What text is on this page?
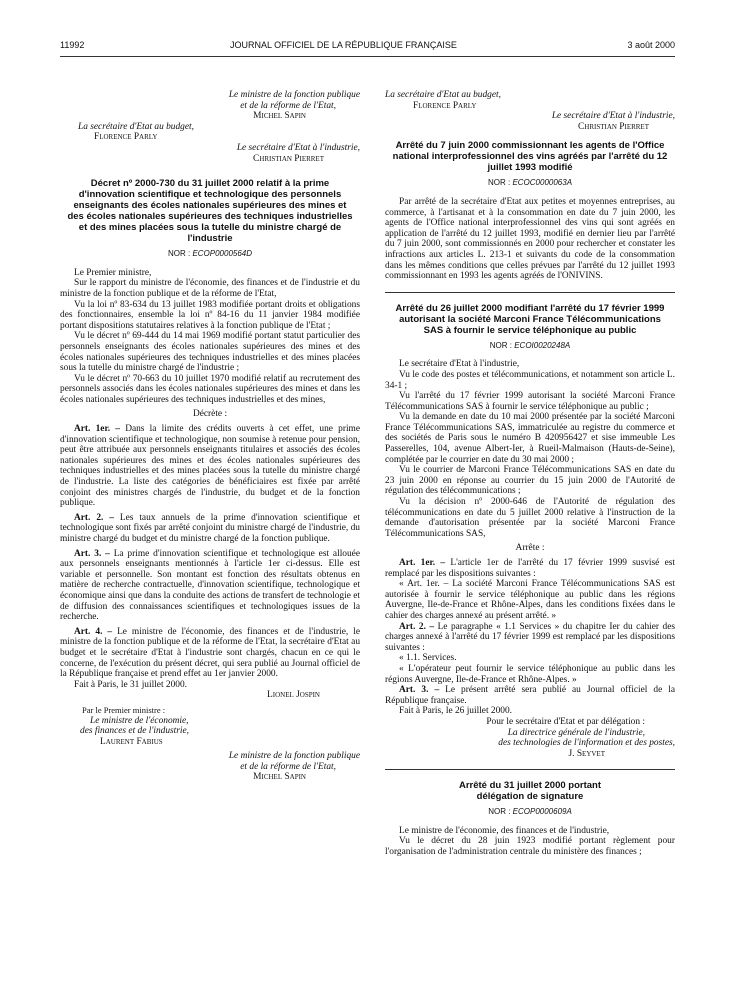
11992	JOURNAL OFFICIEL DE LA RÉPUBLIQUE FRANÇAISE	3 août 2000

Le ministre de la fonction publique

et de la réforme de l'Etat,

Michel Sapin

La secrétaire d'Etat au budget,

Florence Parly

Le secrétaire d'Etat à l'industrie,

Christian Pierret

Décret nº 2000-730 du 31 juillet 2000 relatif à la prime d'innovation scientifique et technologique des personnels enseignants des écoles nationales supérieures des mines et des écoles nationales supérieures des techniques industrielles et des mines placées sous la tutelle du ministre chargé de l'industrie
NOR : ECOP0000564D

Le Premier ministre,

Sur le rapport du ministre de l'économie, des finances et de l'industrie et du ministre de la fonction publique et de la réforme de l'Etat,

Vu la loi nº 83-634 du 13 juillet 1983 modifiée portant droits et obligations des fonctionnaires, ensemble la loi nº 84-16 du 11 janvier 1984 modifiée portant dispositions statutaires relatives à la fonction publique de l'Etat ;

Vu le décret nº 69-444 du 14 mai 1969 modifié portant statut particulier des personnels enseignants des écoles nationales supérieures des mines et des écoles nationales supérieures des techniques industrielles et des mines placées sous la tutelle du ministre chargé de l'industrie ;

Vu le décret nº 70-663 du 10 juillet 1970 modifié relatif au recrutement des personnels associés dans les écoles nationales supérieures des mines et dans les écoles nationales supérieures des techniques industrielles et des mines,

Décrète :

Art. 1er. – Dans la limite des crédits ouverts à cet effet, une prime d'innovation scientifique et technologique, non soumise à retenue pour pension, peut être attribuée aux personnels enseignants titulaires et associés des écoles nationales supérieures des mines et des écoles nationales supérieures des techniques industrielles et des mines placées sous la tutelle du ministre chargé de l'industrie. La liste des catégories de bénéficiaires est fixée par arrêté conjoint des ministres chargés de l'industrie, du budget et de la fonction publique.

Art. 2. – Les taux annuels de la prime d'innovation scientifique et technologique sont fixés par arrêté conjoint du ministre chargé de l'industrie, du ministre chargé du budget et du ministre chargé de la fonction publique.

Art. 3. – La prime d'innovation scientifique et technologique est allouée aux personnels enseignants mentionnés à l'article 1er ci-dessus. Elle est variable et personnelle. Son montant est fonction des résultats obtenus en matière de recherche contractuelle, d'innovation scientifique, technologique et économique ainsi que dans la conduite des actions de transfert de technologie et de diffusion des connaissances scientifiques et technologiques issues de la recherche.

Art. 4. – Le ministre de l'économie, des finances et de l'industrie, le ministre de la fonction publique et de la réforme de l'Etat, la secrétaire d'Etat au budget et le secrétaire d'Etat à l'industrie sont chargés, chacun en ce qui le concerne, de l'exécution du présent décret, qui sera publié au Journal officiel de la République française et prend effet au 1er janvier 2000.

Fait à Paris, le 31 juillet 2000.

Lionel Jospin

Par le Premier ministre :

Le ministre de l'économie,

des finances et de l'industrie,

Laurent Fabius

Le ministre de la fonction publique

et de la réforme de l'Etat,

Michel Sapin

La secrétaire d'Etat au budget,

Florence Parly

Le secrétaire d'Etat à l'industrie,

Christian Pierret

Arrêté du 7 juin 2000 commissionnant les agents de l'Office national interprofessionnel des vins agréés par l'arrêté du 12 juillet 1993 modifié
NOR : ECOC0000063A

Par arrêté de la secrétaire d'Etat aux petites et moyennes entreprises, au commerce, à l'artisanat et à la consommation en date du 7 juin 2000, les agents de l'Office national interprofessionnel des vins qui sont agréés en application de l'arrêté du 12 juillet 1993, modifié en dernier lieu par l'arrêté du 7 juin 2000, sont commissionnés en 2000 pour rechercher et constater les infractions aux articles L. 213-1 et suivants du code de la consommation dans les mêmes conditions que celles prévues par l'arrêté du 12 juillet 1993 commissionnant en 1993 les agents agréés de l'ONIVINS.

Arrêté du 26 juillet 2000 modifiant l'arrêté du 17 février 1999 autorisant la société Marconi France Télécommunications SAS à fournir le service téléphonique au public
NOR : ECOI0020248A

Le secrétaire d'Etat à l'industrie,

Vu le code des postes et télécommunications, et notamment son article L. 34-1 ;

Vu l'arrêté du 17 février 1999 autorisant la société Marconi France Télécommunications SAS à fournir le service téléphonique au public ;

Vu la demande en date du 10 mai 2000 présentée par la société Marconi France Télécommunications SAS, immatriculée au registre du commerce et des sociétés de Paris sous le numéro B 420956427 et sise immeuble Les Passerelles, 104, avenue Albert-Ier, à Rueil-Malmaison (Hauts-de-Seine), complétée par le courrier en date du 30 mai 2000 ;

Vu le courrier de Marconi France Télécommunications SAS en date du 23 juin 2000 en réponse au courrier du 15 juin 2000 de l'Autorité de régulation des télécommunications ;

Vu la décision nº 2000-646 de l'Autorité de régulation des télécommunications en date du 5 juillet 2000 relative à l'instruction de la demande d'autorisation présentée par la société Marconi France Télécommunications SAS,

Arrête :

Art. 1er. – L'article 1er de l'arrêté du 17 février 1999 susvisé est remplacé par les dispositions suivantes :

« Art. 1er. – La société Marconi France Télécommunications SAS est autorisée à fournir le service téléphonique au public dans les régions Auvergne, Ile-de-France et Rhône-Alpes, dans les conditions fixées dans le cahier des charges annexé au présent arrêté. »

Art. 2. – Le paragraphe « 1.1 Services » du chapitre Ier du cahier des charges annexé à l'arrêté du 17 février 1999 est remplacé par les dispositions suivantes :

« 1.1. Services.

« L'opérateur peut fournir le service téléphonique au public dans les régions Auvergne, Ile-de-France et Rhône-Alpes. »

Art. 3. – Le présent arrêté sera publié au Journal officiel de la République française.

Fait à Paris, le 26 juillet 2000.

Pour le secrétaire d'Etat et par délégation :

La directrice générale de l'industrie,

des technologies de l'information et des postes,

J. Seyvet

Arrêté du 31 juillet 2000 portant délégation de signature
NOR : ECOP0000609A

Le ministre de l'économie, des finances et de l'industrie,

Vu le décret du 28 juin 1923 modifié portant règlement pour l'organisation de l'administration centrale du ministère des finances ;
